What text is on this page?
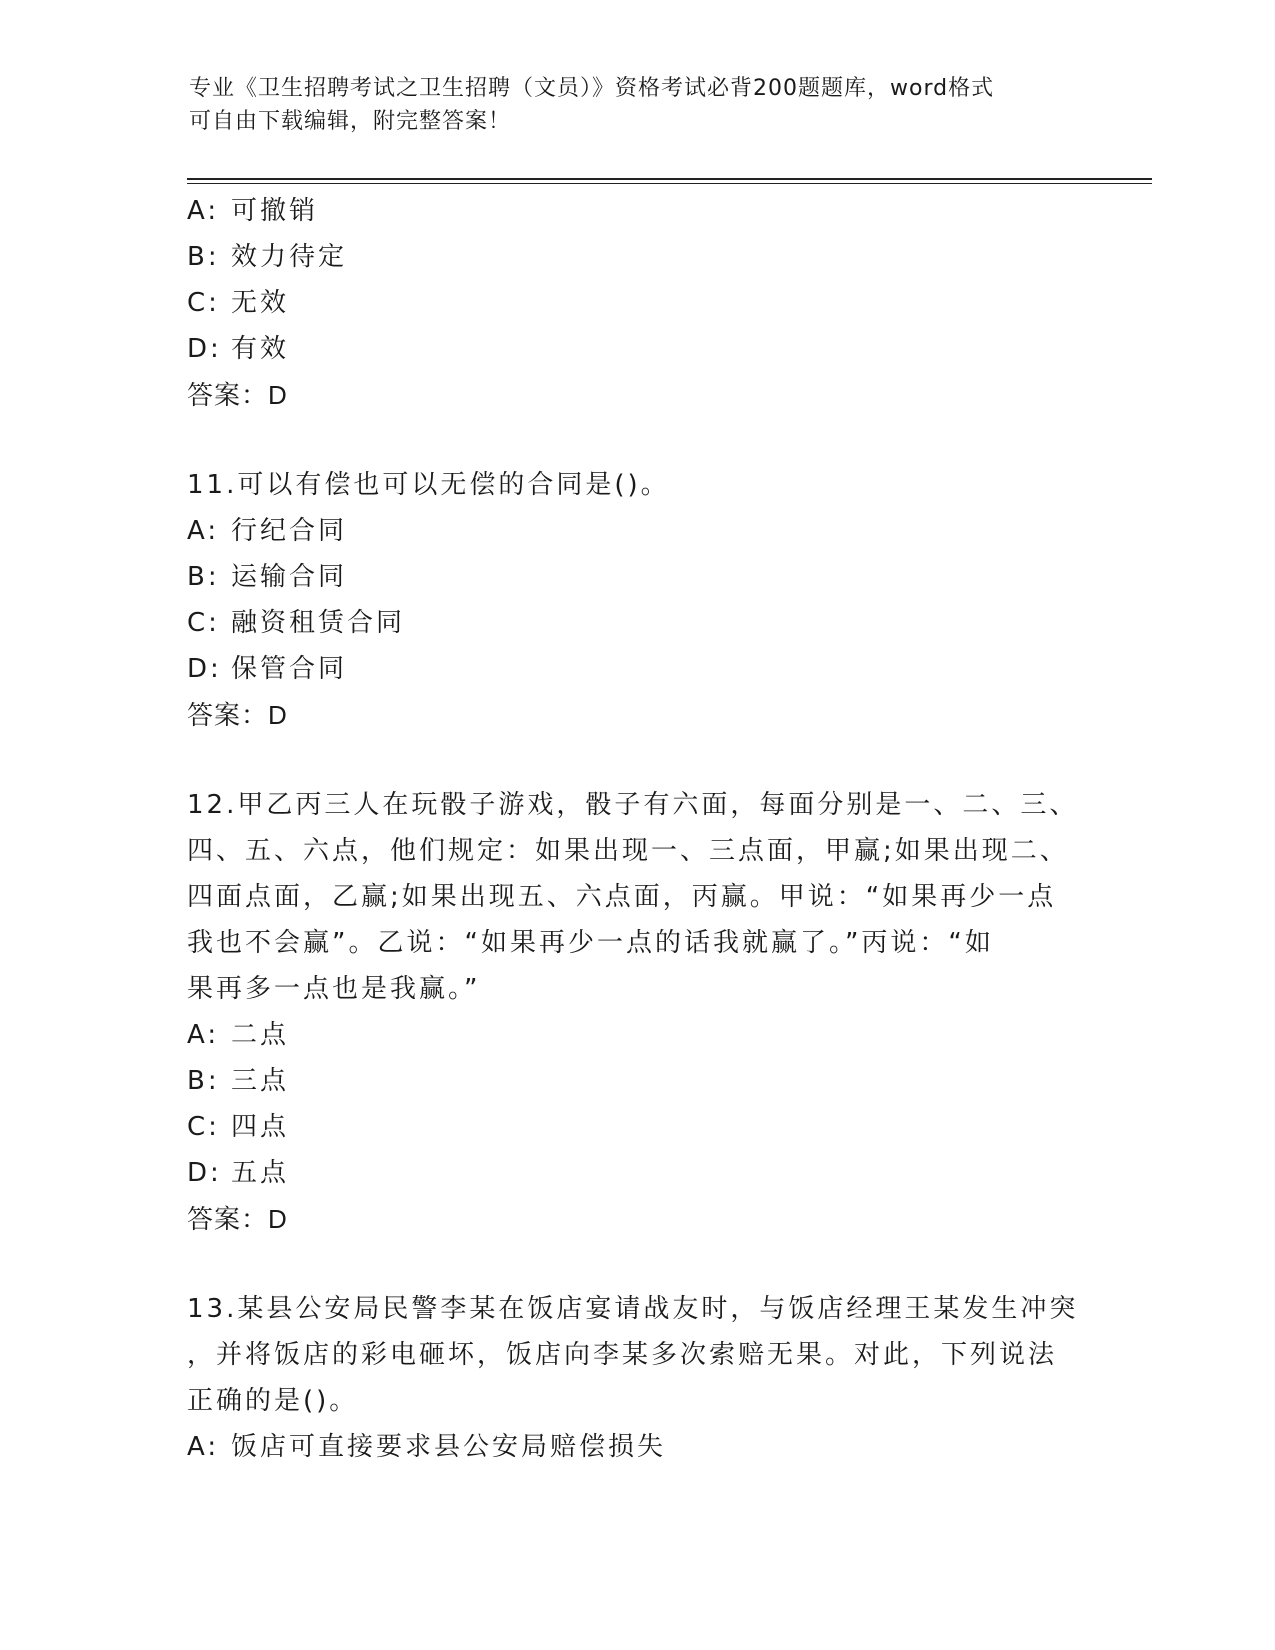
专业《卫生招聘考试之卫生招聘（文员）》资格考试必背200题题库，word格式
可自由下载编辑，附完整答案！
A: 可撤销
B: 效力待定
C: 无效
D: 有效
答案：D
11.可以有偿也可以无偿的合同是()。
A: 行纪合同
B: 运输合同
C: 融资租赁合同
D: 保管合同
答案：D
12.甲乙丙三人在玩骰子游戏，骰子有六面，每面分别是一、二、三、
四、五、六点，他们规定：如果出现一、三点面，甲赢;如果出现二、
四面点面，乙赢;如果出现五、六点面，丙赢。甲说：“如果再少一点
我也不会赢”。乙说：“如果再少一点的话我就赢了。”丙说：“如
果再多一点也是我赢。”
A: 二点
B: 三点
C: 四点
D: 五点
答案：D
13.某县公安局民警李某在饭店宴请战友时，与饭店经理王某发生冲突
，并将饭店的彩电砸坏，饭店向李某多次索赔无果。对此，下列说法
正确的是()。
A: 饭店可直接要求县公安局赔偿损失
